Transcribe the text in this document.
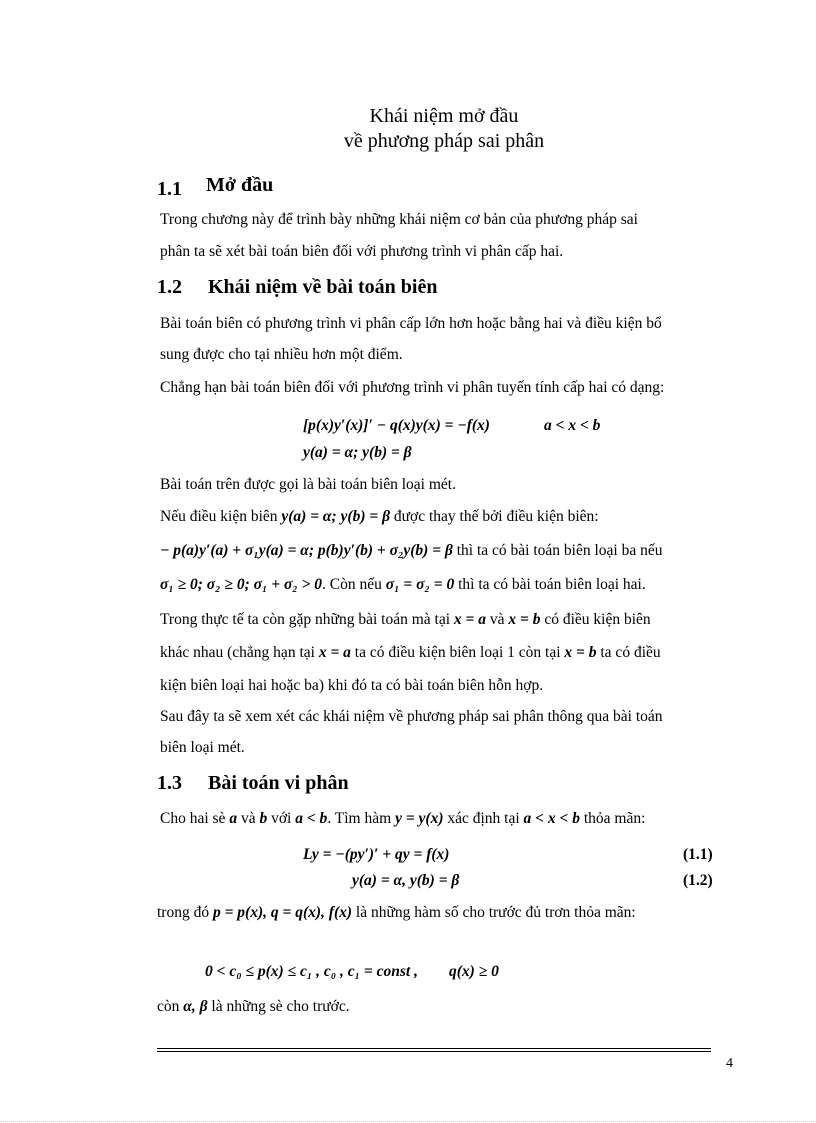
Khái niệm mở đầu
về phương pháp sai phân
1.1 Mở đầu
Trong chương này để trình bày những khái niệm cơ bản của phương pháp sai
phân ta sẽ xét bài toán biên đối với phương trình vi phân cấp hai.
1.2 Khái niệm về bài toán biên
Bài toán biên có phương trình vi phân cấp lớn hơn hoặc bằng hai và điều kiện bổ
sung được cho tại nhiều hơn một điểm.
Chẳng hạn bài toán biên đối với phương trình vi phân tuyến tính cấp hai có dạng:
[p(x)y′(x)]′ − q(x)y(x) = −f(x)	a < x < b
y(a) = α; y(b) = β
Bài toán trên được gọi là bài toán biên loại mét.
Nếu điều kiện biên y(a) = α; y(b) = β được thay thế bởi điều kiện biên:
− p(a)y′(a) + σ₁y(a) = α; p(b)y′(b) + σ₂y(b) = β thì ta có bài toán biên loại ba nếu
σ₁ ≥ 0; σ₂ ≥ 0; σ₁ + σ₂ > 0. Còn nếu σ₁ = σ₂ = 0 thì ta có bài toán biên loại hai.
Trong thực tế ta còn gặp những bài toán mà tại x = a và x = b có điều kiện biên
khác nhau (chẳng hạn tại x = a ta có điều kiện biên loại 1 còn tại x = b ta có điều
kiện biên loại hai hoặc ba) khi đó ta có bài toán biên hỗn hợp.
Sau đây ta sẽ xem xét các khái niệm về phương pháp sai phân thông qua bài toán
biên loại mét.
1.3 Bài toán vi phân
Cho hai sè a và b với a < b. Tìm hàm y = y(x) xác định tại a < x < b thỏa mãn:
Ly = −(py′)′ + qy = f(x)	(1.1)
y(a) = α, y(b) = β	(1.2)
trong đó p = p(x), q = q(x), f(x) là những hàm số cho trước đủ trơn thỏa mãn:
0 < c₀ ≤ p(x) ≤ c₁ , c₀ , c₁ = const , q(x) ≥ 0
còn α, β là những sè cho trước.
4
